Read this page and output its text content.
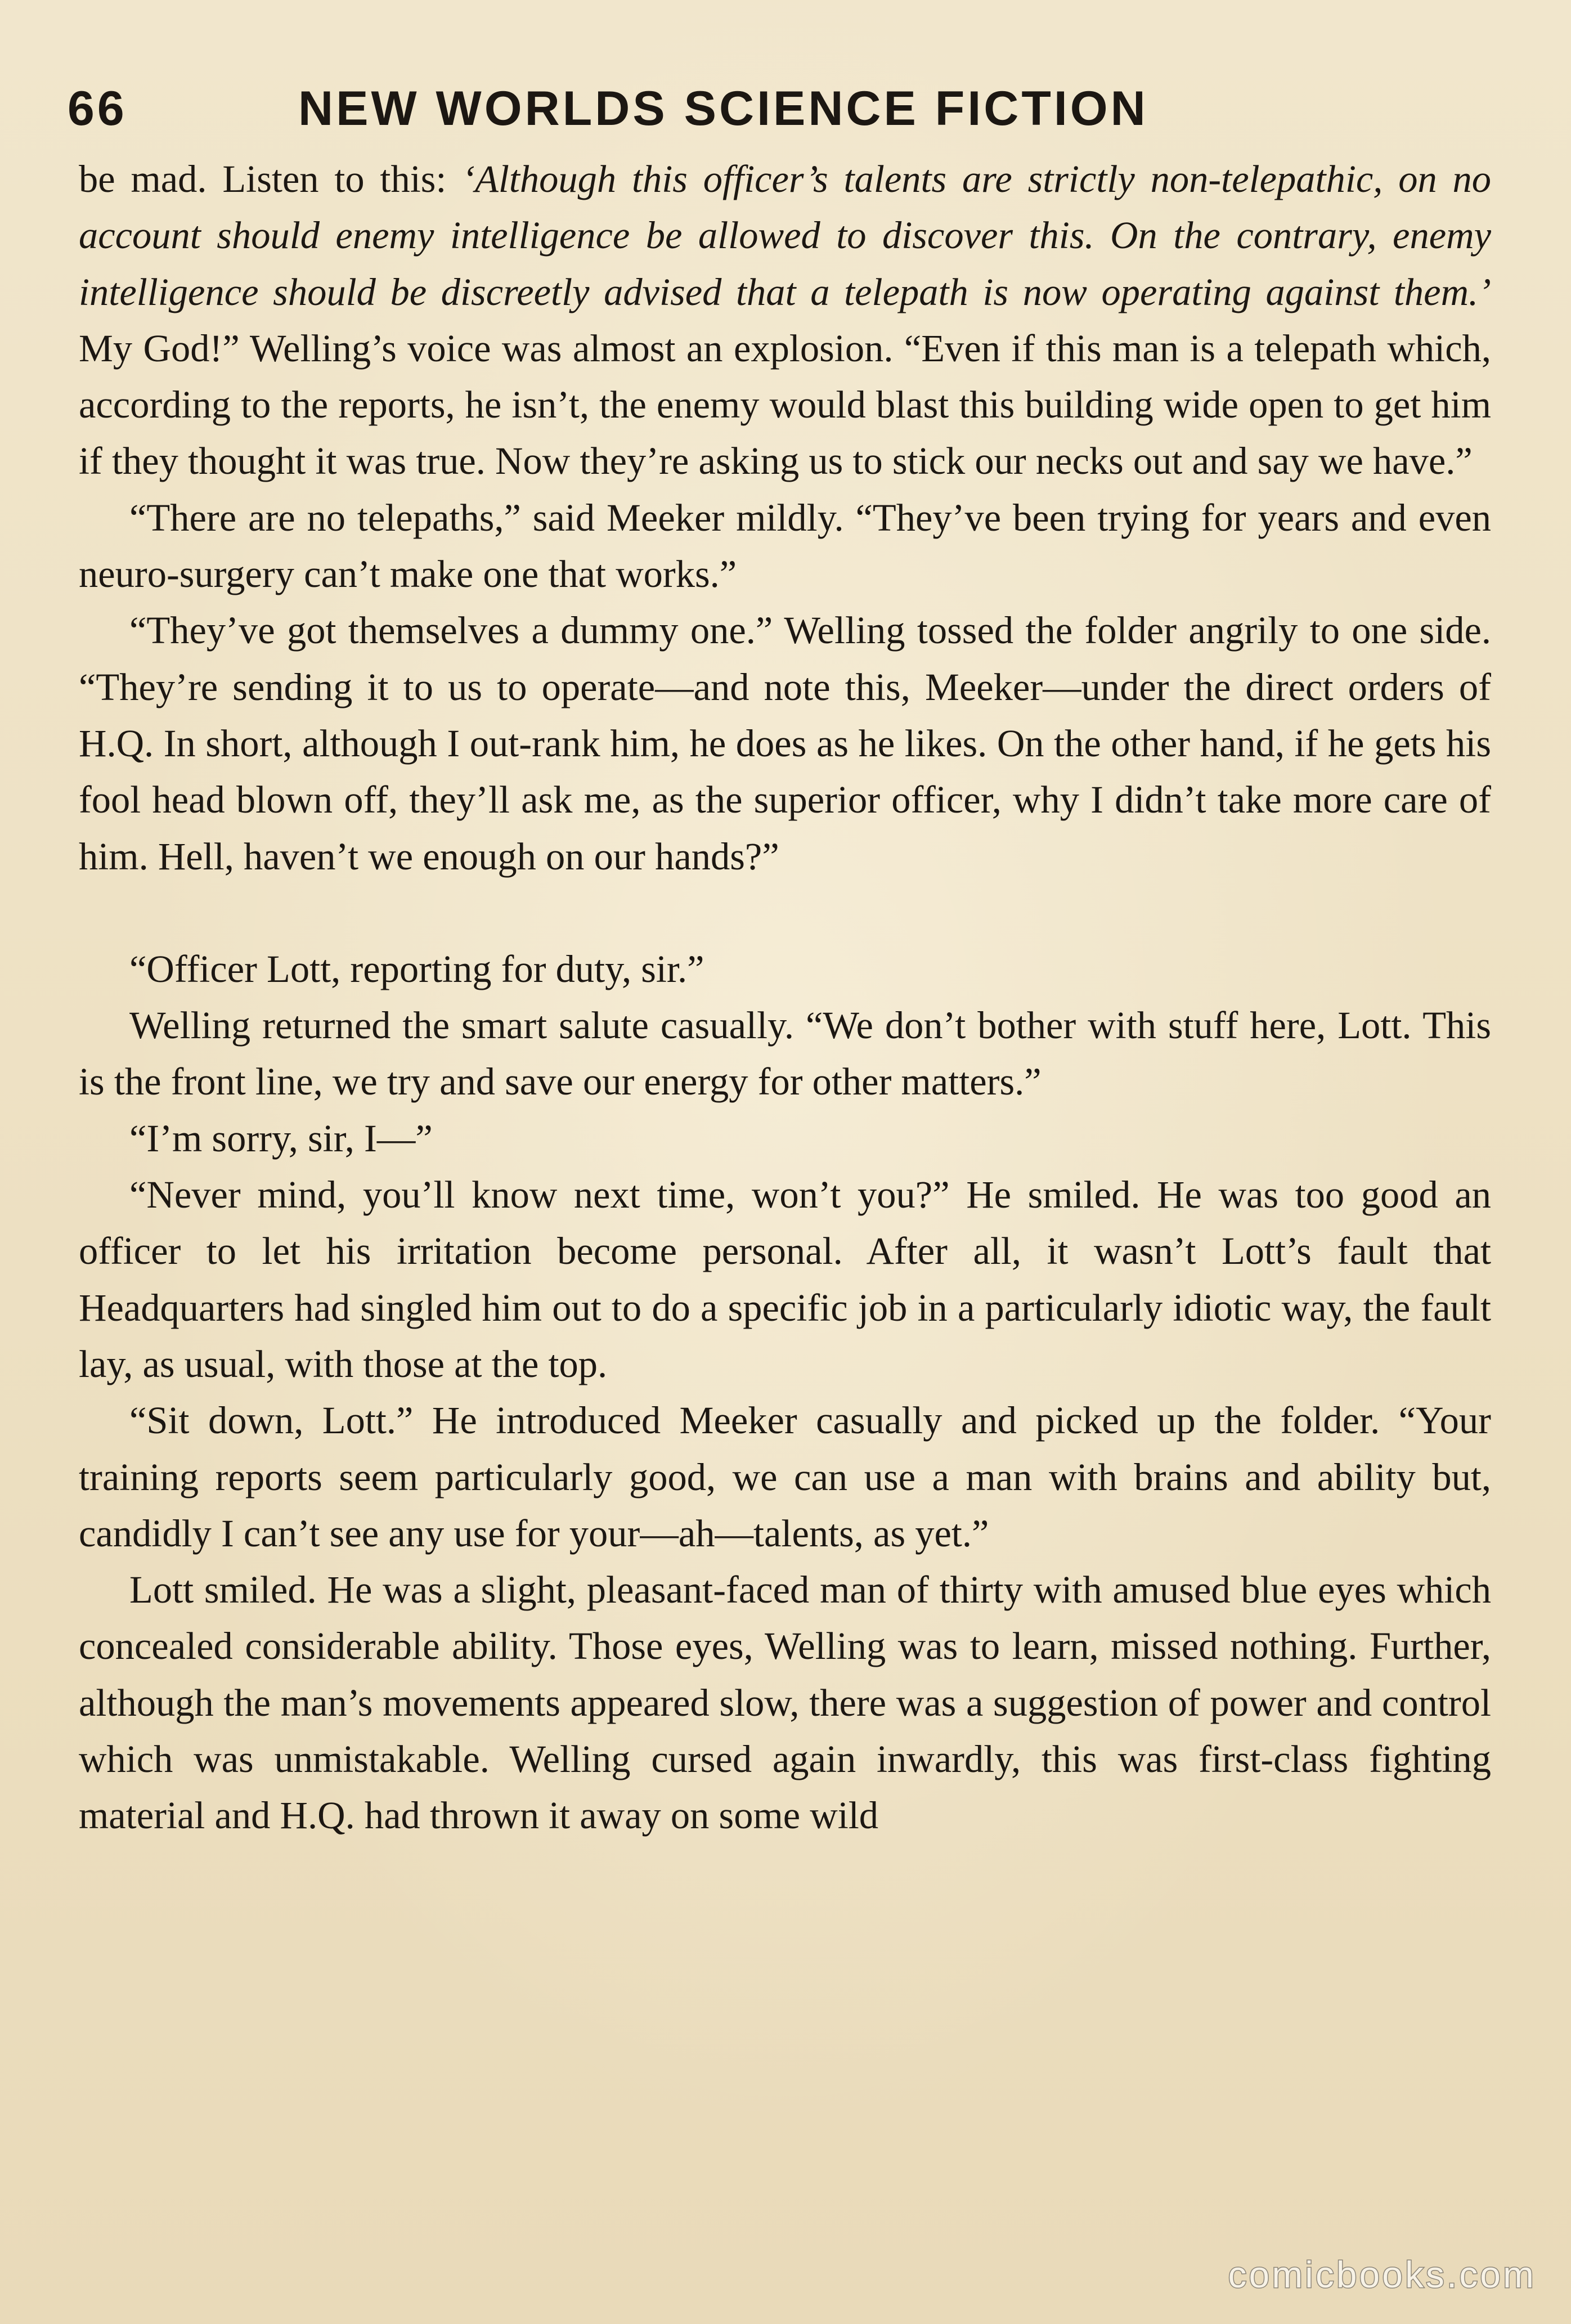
66	NEW WORLDS SCIENCE FICTION

be mad. Listen to this: ‘Although this officer’s talents are strictly non-telepathic, on no account should enemy intelligence be allowed to discover this. On the contrary, enemy intelligence should be discreetly advised that a telepath is now operating against them.’ My God!” Welling’s voice was almost an explosion. “Even if this man is a telepath which, according to the reports, he isn’t, the enemy would blast this building wide open to get him if they thought it was true. Now they’re asking us to stick our necks out and say we have.”

“There are no telepaths,” said Meeker mildly. “They’ve been trying for years and even neuro-surgery can’t make one that works.”

“They’ve got themselves a dummy one.” Welling tossed the folder angrily to one side. “They’re sending it to us to operate—and note this, Meeker—under the direct orders of H.Q. In short, although I out-rank him, he does as he likes. On the other hand, if he gets his fool head blown off, they’ll ask me, as the superior officer, why I didn’t take more care of him. Hell, haven’t we enough on our hands?”

“Officer Lott, reporting for duty, sir.”

Welling returned the smart salute casually. “We don’t bother with stuff here, Lott. This is the front line, we try and save our energy for other matters.”

“I’m sorry, sir, I—”

“Never mind, you’ll know next time, won’t you?” He smiled. He was too good an officer to let his irritation become personal. After all, it wasn’t Lott’s fault that Headquarters had singled him out to do a specific job in a particularly idiotic way, the fault lay, as usual, with those at the top.

“Sit down, Lott.” He introduced Meeker casually and picked up the folder. “Your training reports seem particularly good, we can use a man with brains and ability but, candidly I can’t see any use for your—ah—talents, as yet.”

Lott smiled. He was a slight, pleasant-faced man of thirty with amused blue eyes which concealed considerable ability. Those eyes, Welling was to learn, missed nothing. Further, although the man’s movements appeared slow, there was a suggestion of power and control which was unmistakable. Welling cursed again inwardly, this was first-class fighting material and H.Q. had thrown it away on some wild

comicbooks.com
